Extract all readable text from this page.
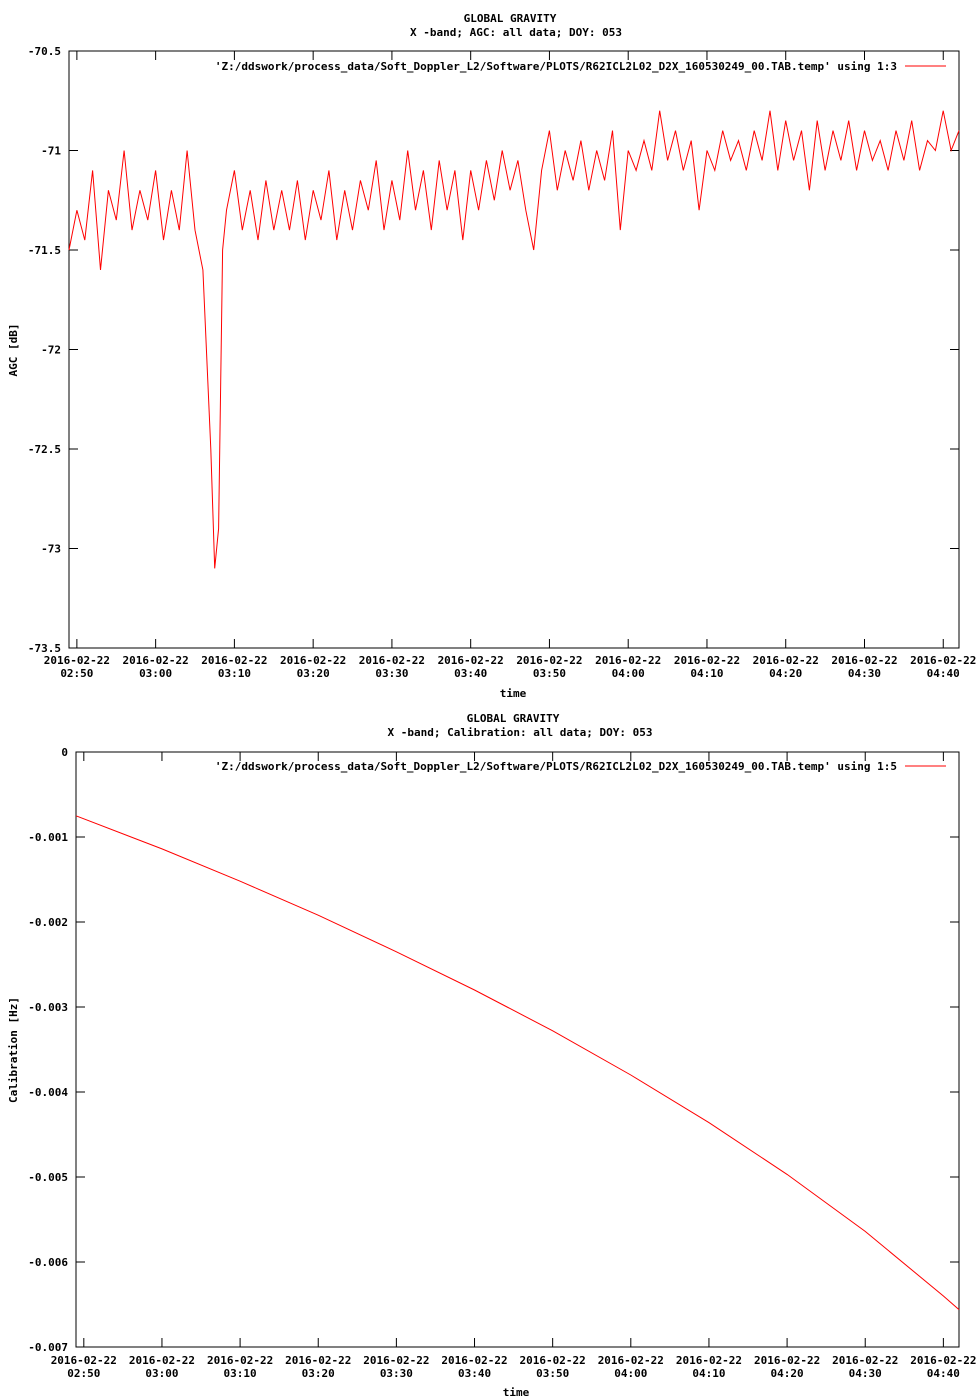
GLOBAL GRAVITY
X -band; AGC: all data; DOY: 053
-70.5
-71
-71.5
-72
-72.5
-73
-73.5
2016-02-22
02:50
2016-02-22
03:00
2016-02-22
03:10
2016-02-22
03:20
2016-02-22
03:30
2016-02-22
03:40
2016-02-22
03:50
2016-02-22
04:00
2016-02-22
04:10
2016-02-22
04:20
2016-02-22
04:30
2016-02-22
04:40
AGC [dB]
time
'Z:/ddswork/process_data/Soft_Doppler_L2/Software/PLOTS/R62ICL2L02_D2X_160530249_00.TAB.temp' using 1:3
GLOBAL GRAVITY
X -band; Calibration: all data; DOY: 053
0
-0.001
-0.002
-0.003
-0.004
-0.005
-0.006
-0.007
2016-02-22
02:50
2016-02-22
03:00
2016-02-22
03:10
2016-02-22
03:20
2016-02-22
03:30
2016-02-22
03:40
2016-02-22
03:50
2016-02-22
04:00
2016-02-22
04:10
2016-02-22
04:20
2016-02-22
04:30
2016-02-22
04:40
Calibration [Hz]
time
'Z:/ddswork/process_data/Soft_Doppler_L2/Software/PLOTS/R62ICL2L02_D2X_160530249_00.TAB.temp' using 1:5
